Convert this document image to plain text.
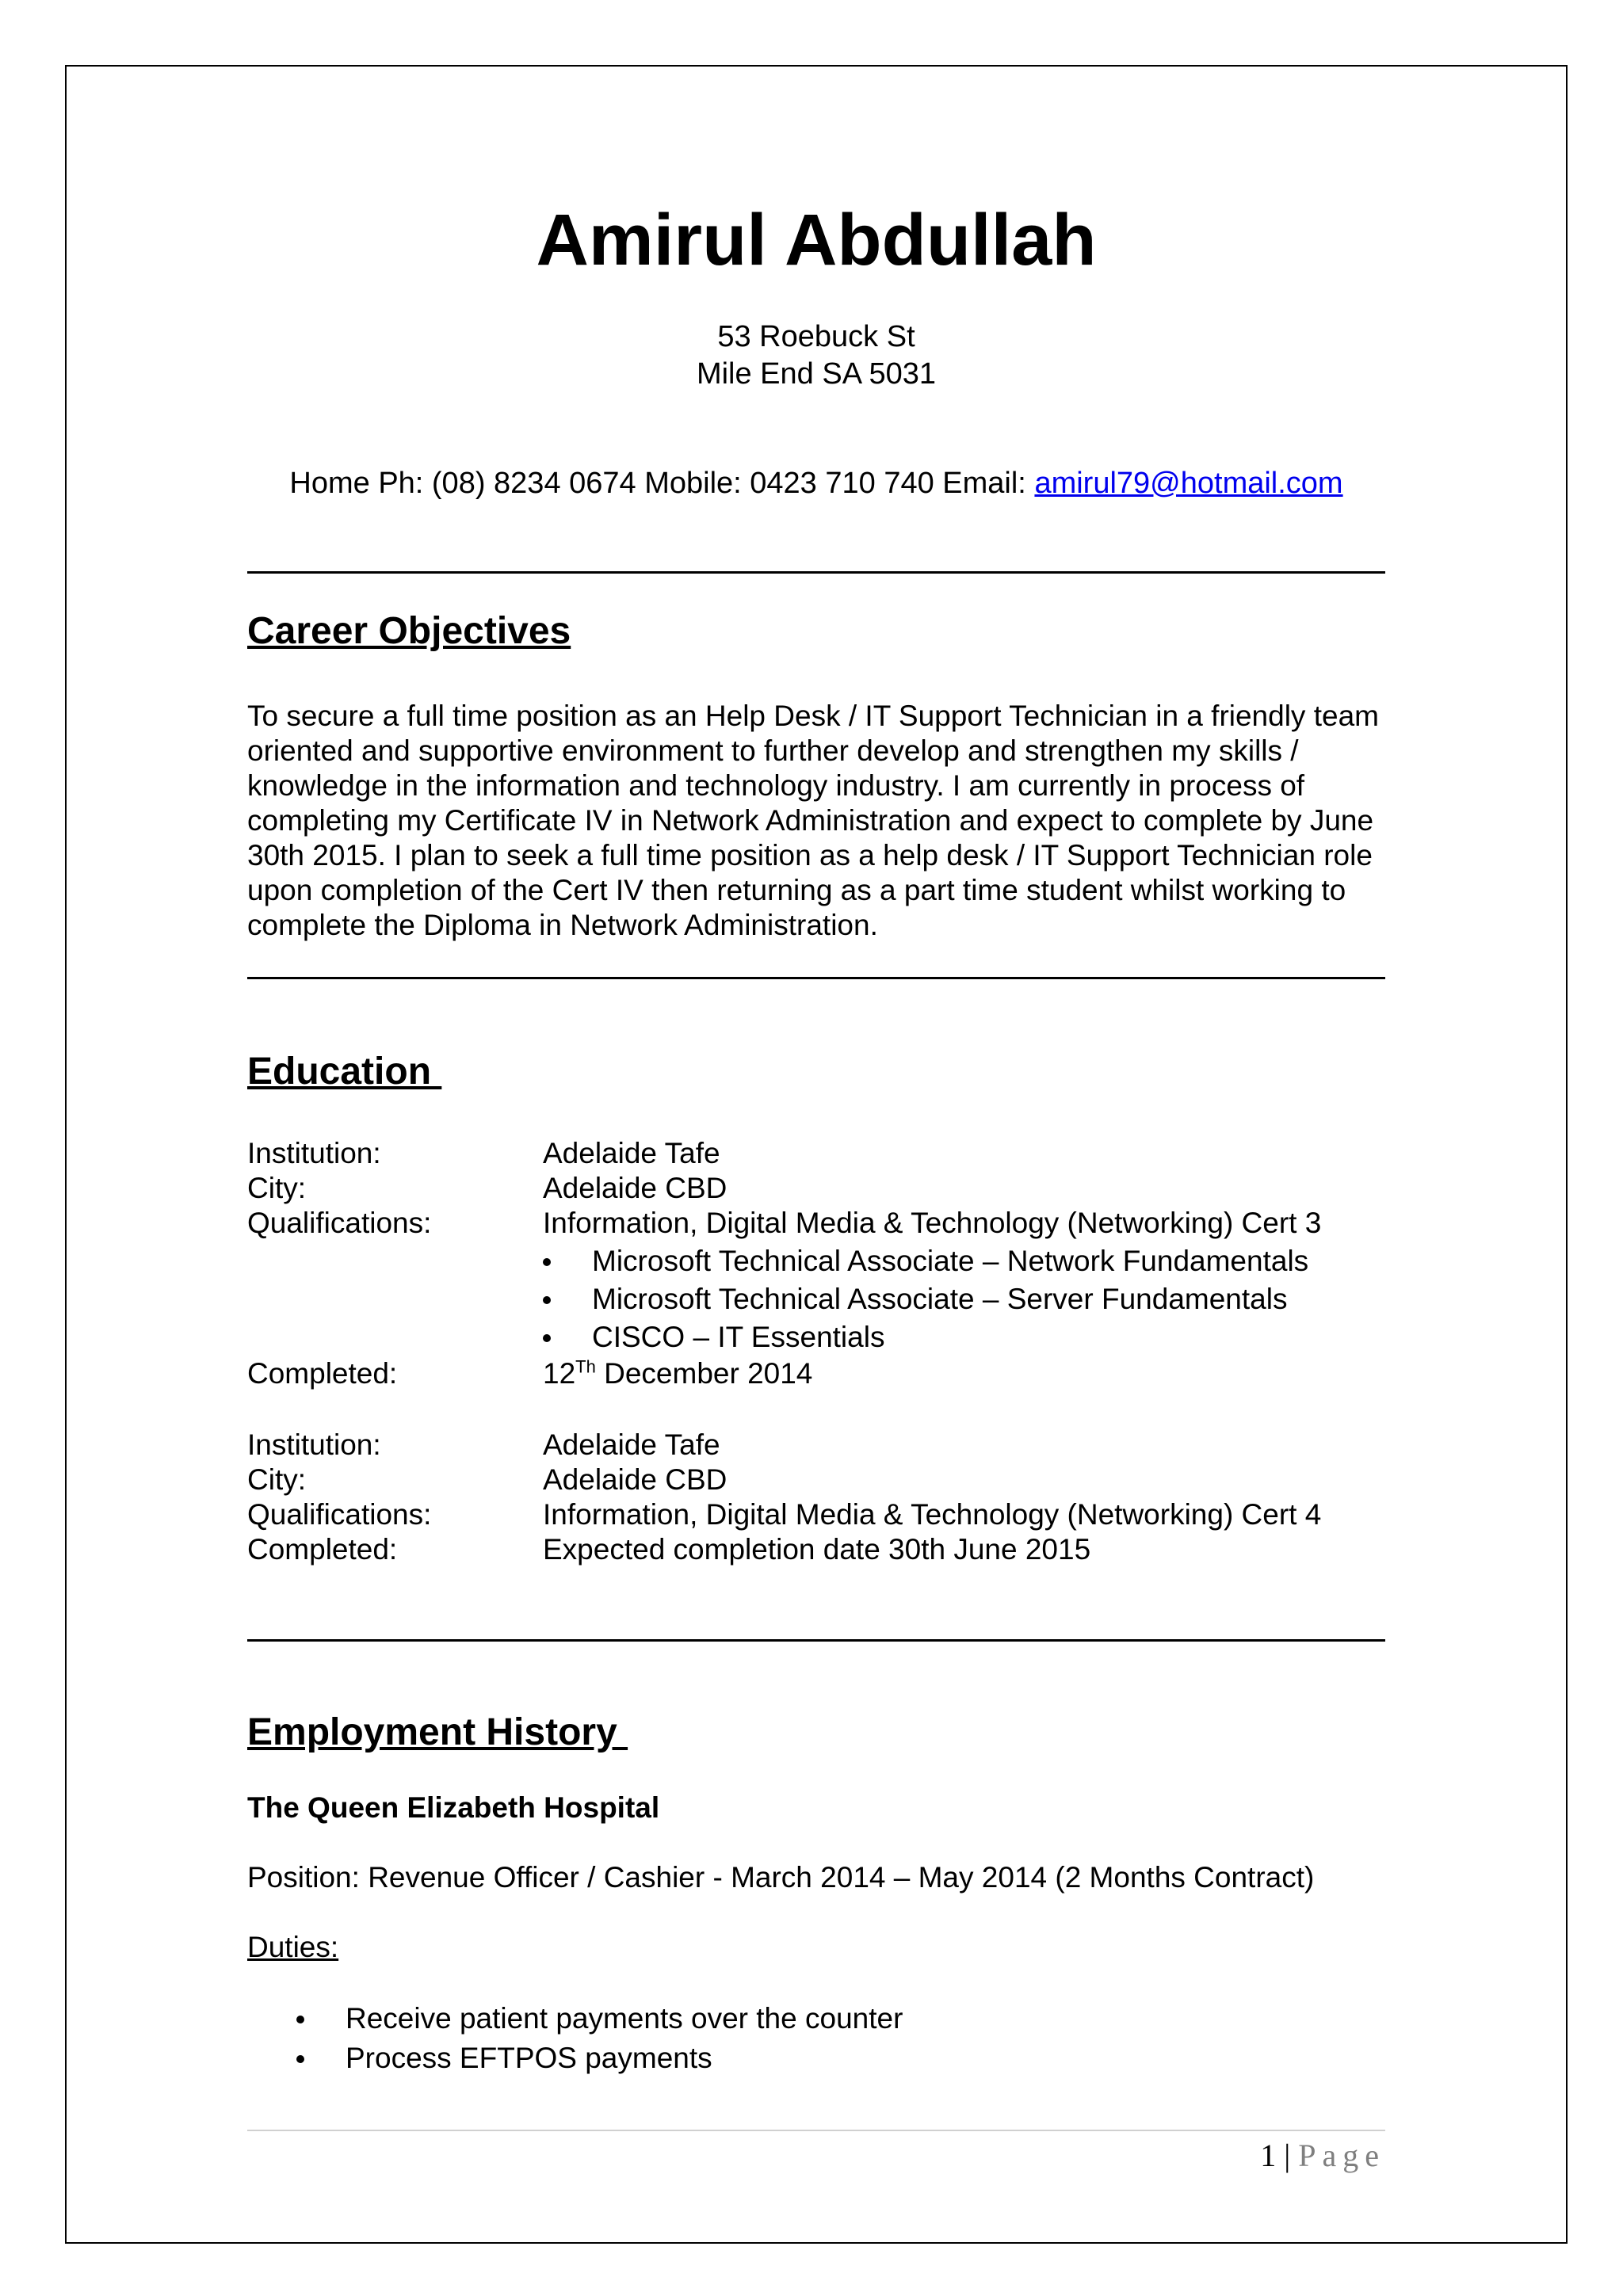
Amirul Abdullah
53 Roebuck St
Mile End SA 5031
Home Ph: (08) 8234 0674 Mobile: 0423 710 740 Email: amirul79@hotmail.com
Career Objectives
To secure a full time position as an Help Desk / IT Support Technician in a friendly team oriented and supportive environment to further develop and strengthen my skills / knowledge in the information and technology industry. I am currently in process of completing my Certificate IV in Network Administration and expect to complete by June 30th 2015. I plan to seek a full time position as a help desk / IT Support Technician role upon completion of the Cert IV then returning as a part time student whilst working to complete the Diploma in Network Administration.
Education
Institution:	Adelaide Tafe
City:	Adelaide CBD
Qualifications:	Information, Digital Media & Technology (Networking) Cert 3
Microsoft Technical Associate – Network Fundamentals
Microsoft Technical Associate – Server Fundamentals
CISCO – IT Essentials
Completed:	12Th December 2014
Institution:	Adelaide Tafe
City:	Adelaide CBD
Qualifications:	Information, Digital Media & Technology (Networking) Cert 4
Completed:	Expected completion date 30th June 2015
Employment History
The Queen Elizabeth Hospital
Position: Revenue Officer / Cashier - March 2014 – May 2014 (2 Months Contract)
Duties:
Receive patient payments over the counter
Process EFTPOS payments
1 | Page
